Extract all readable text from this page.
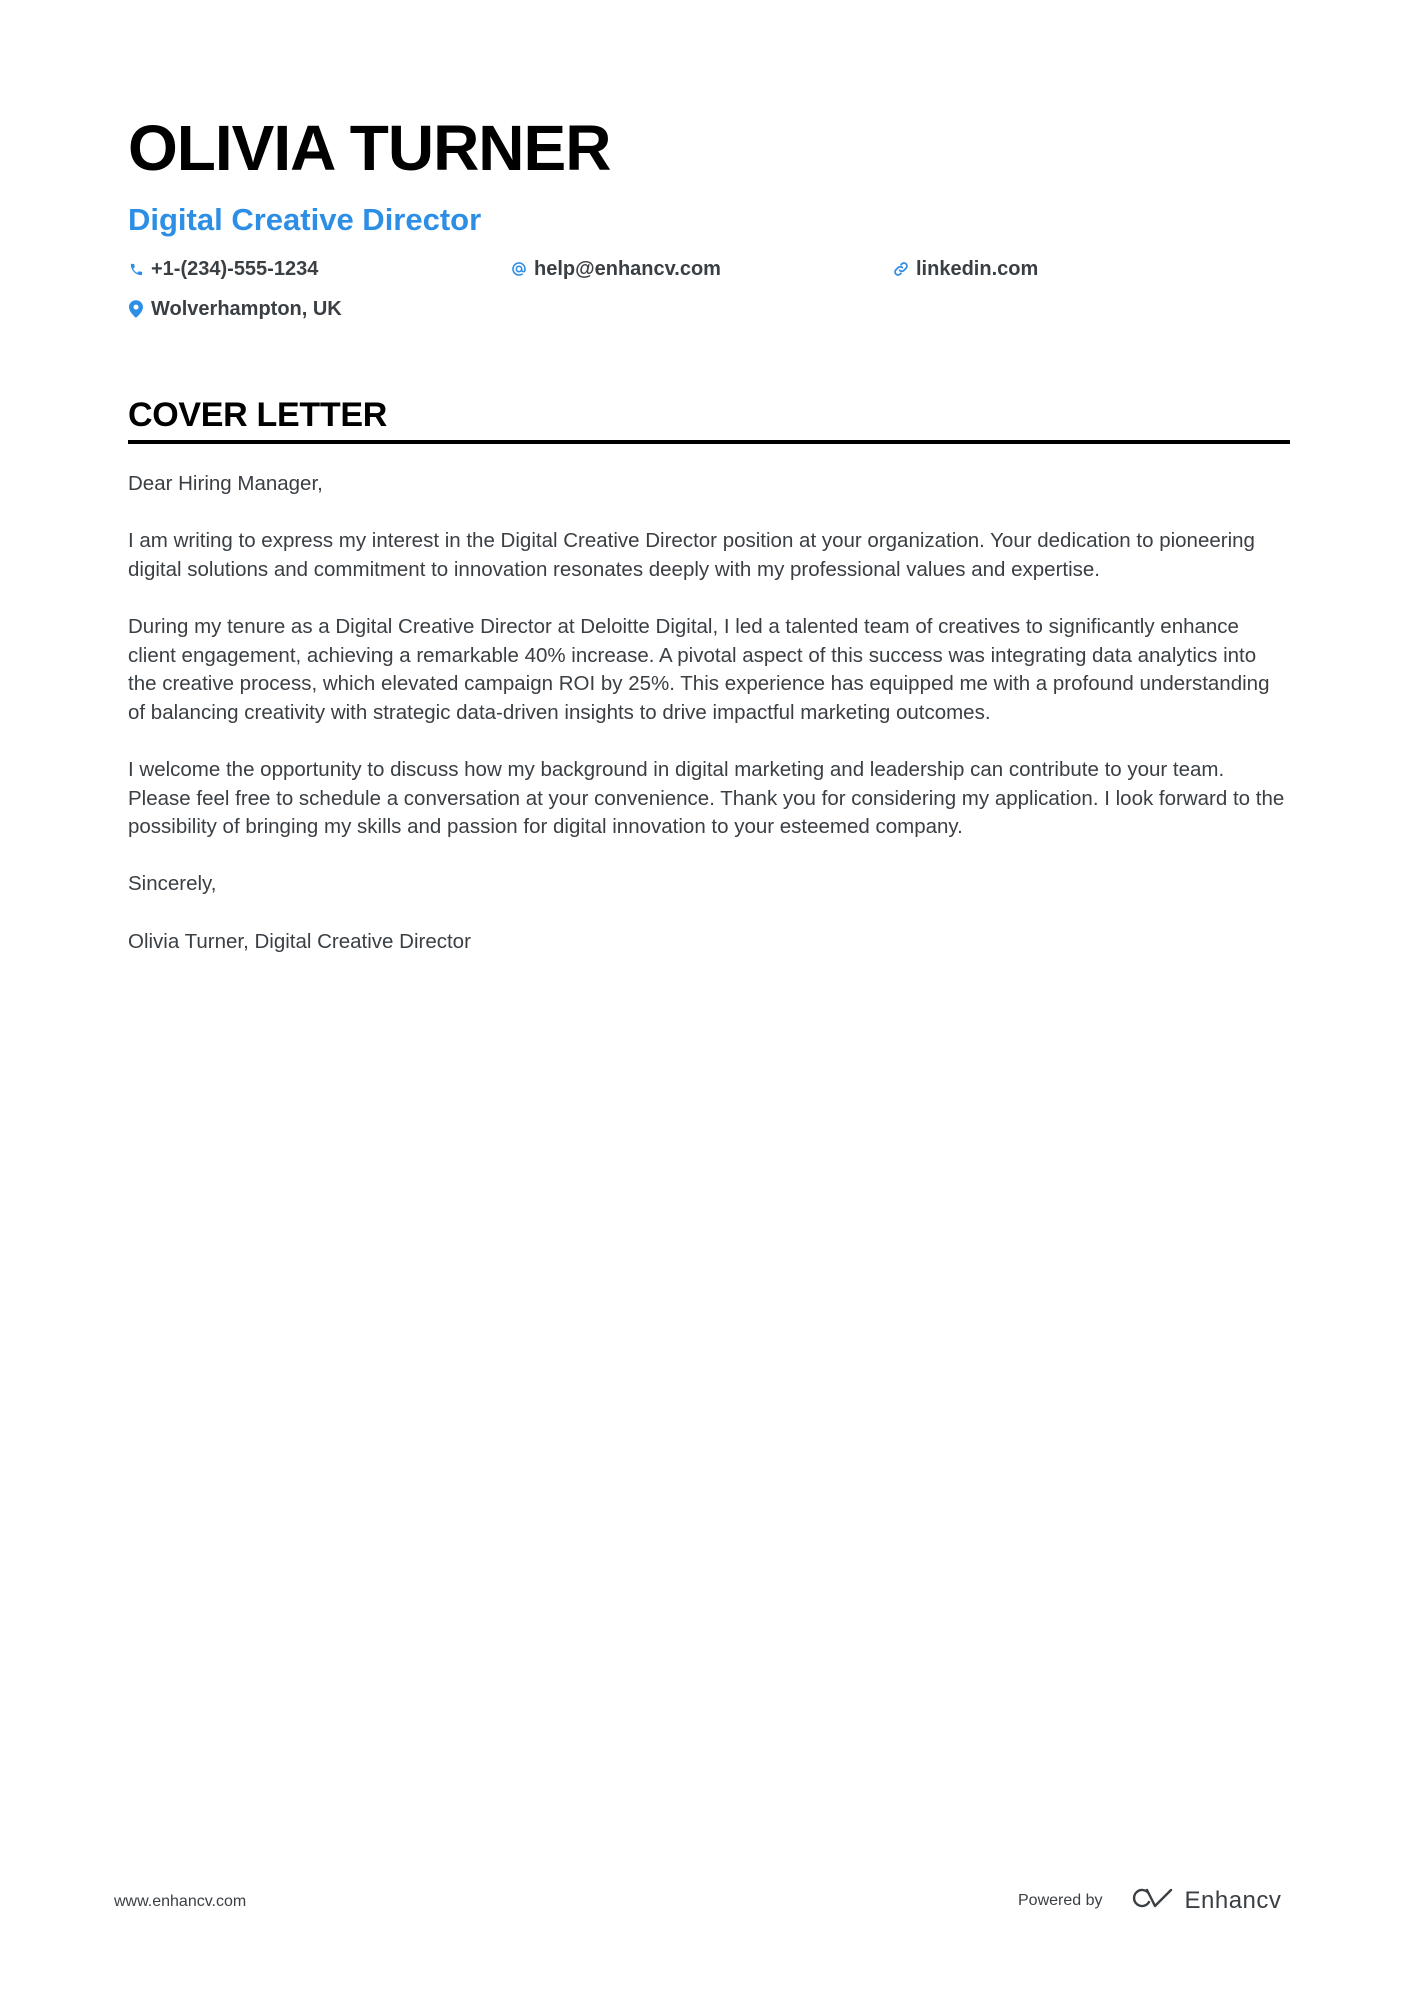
OLIVIA TURNER
Digital Creative Director
+1-(234)-555-1234	help@enhancv.com	linkedin.com
Wolverhampton, UK
COVER LETTER

Dear Hiring Manager,

I am writing to express my interest in the Digital Creative Director position at your organization. Your dedication to pioneering digital solutions and commitment to innovation resonates deeply with my professional values and expertise.

During my tenure as a Digital Creative Director at Deloitte Digital, I led a talented team of creatives to significantly enhance client engagement, achieving a remarkable 40% increase. A pivotal aspect of this success was integrating data analytics into the creative process, which elevated campaign ROI by 25%. This experience has equipped me with a profound understanding of balancing creativity with strategic data-driven insights to drive impactful marketing outcomes.

I welcome the opportunity to discuss how my background in digital marketing and leadership can contribute to your team. Please feel free to schedule a conversation at your convenience. Thank you for considering my application. I look forward to the possibility of bringing my skills and passion for digital innovation to your esteemed company.

Sincerely,

Olivia Turner, Digital Creative Director

www.enhancv.com	Powered by	Enhancv
